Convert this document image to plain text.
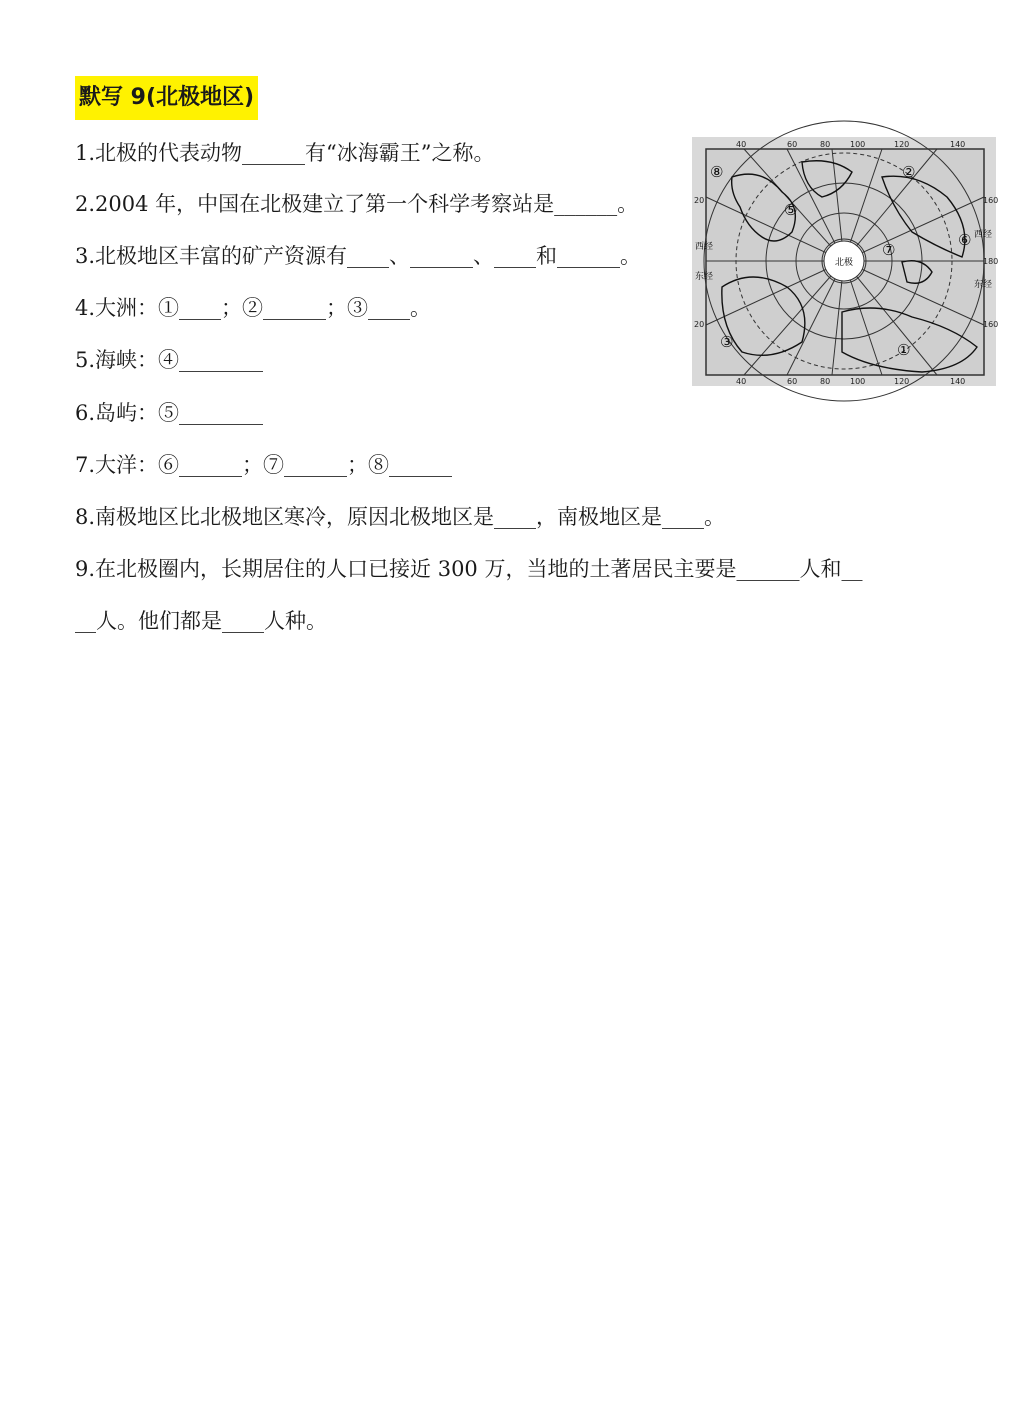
默写 9(北极地区)
1.北极的代表动物______有“冰海霸王”之称。
2.2004 年，中国在北极建立了第一个科学考察站是______。
3.北极地区丰富的矿产资源有____、______、____和______。
4.大洲：①____；②______；③____。
5.海峡：④________
6.岛屿：⑤________
7.大洋：⑥______；⑦______；⑧______
8.南极地区比北极地区寒冷，原因北极地区是____，南极地区是____。
9.在北极圈内，长期居住的人口已接近 300 万，当地的土著居民主要是______人和__
__人。他们都是____人种。
北极
40	60	80 100	120	140
40	60	80 100	120	140
20
20
160
180
160
西经
东经
西经
东经
⑧	②
⑤
⑦
⑥
③	①
